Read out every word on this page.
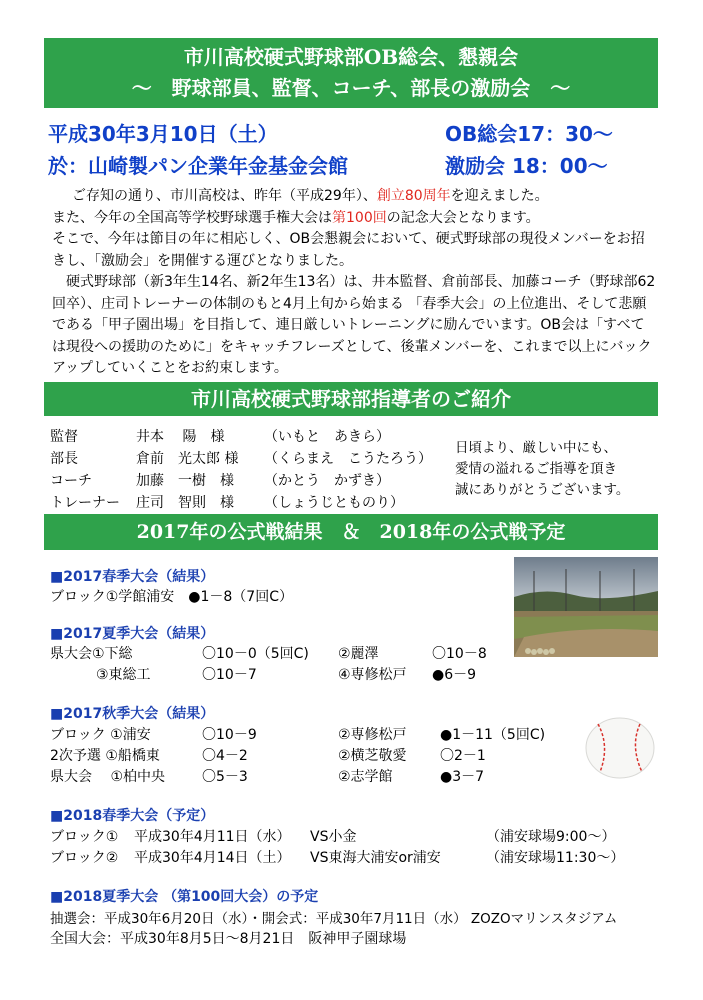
市川高校硬式野球部OB総会、懇親会
～　野球部員、監督、コーチ、部長の激励会　～
平成30年3月10日（土）	OB総会17：30～
於：山崎製パン企業年金基金会館	激励会 18：00～

ご存知の通り、市川高校は、昨年（平成29年）、創立80周年を迎えました。

また、今年の全国高等学校野球選手権大会は第100回の記念大会となります。

そこで、今年は節目の年に相応しく、OB会懇親会において、硬式野球部の現役メンバーをお招きし、「激励会」を開催する運びとなりました。

硬式野球部（新3年生14名、新2年生13名）は、井本監督、倉前部長、加藤コーチ（野球部62回卒）、庄司トレーナーの体制のもと4月上旬から始まる 「春季大会」の上位進出、そして悲願である「甲子園出場」を目指して、連日厳しいトレーニングに励んでいます。OB会は「すべては現役への援助のために」をキャッチフレーズとして、後輩メンバーを、これまで以上にバックアップしていくことをお約束します。

市川高校硬式野球部指導者のご紹介
監督	井本　 陽　様	（いもと　あきら）
部長	倉前　光太郎 様 （くらまえ　こうたろう）
コーチ	加藤　一樹　様 （かとう　かずき）
トレーナー 庄司　智則　様 （しょうじとものり）
日頃より、厳しい中にも、
愛情の溢れるご指導を頂き
誠にありがとうございます。
2017年の公式戦結果　＆　2018年の公式戦予定
■2017春季大会（結果）
ブロック①学館浦安　●1－8（7回C）
■2017夏季大会（結果）
県大会①下総	〇10－0（5回C) ②麗澤	〇10－8
③東総工	〇10－7	④専修松戸 ●6－9
■2017秋季大会（結果）
ブロック ①浦安	〇10－9	②専修松戸 ●1－11（5回C)
2次予選 ①船橋東	〇4－2	②横芝敬愛 〇2－1
県大会　 ①柏中央	〇5－3	②志学館	●3－7
■2018春季大会（予定）
ブロック① 平成30年4月11日（水） VS小金	（浦安球場9:00～）
ブロック② 平成30年4月14日（土） VS東海大浦安or浦安	（浦安球場11:30～）
■2018夏季大会 （第100回大会）の予定
抽選会：平成30年6月20日（水）・開会式：平成30年7月11日（水） ZOZOマリンスタジアム
全国大会：平成30年8月5日～8月21日　阪神甲子園球場
